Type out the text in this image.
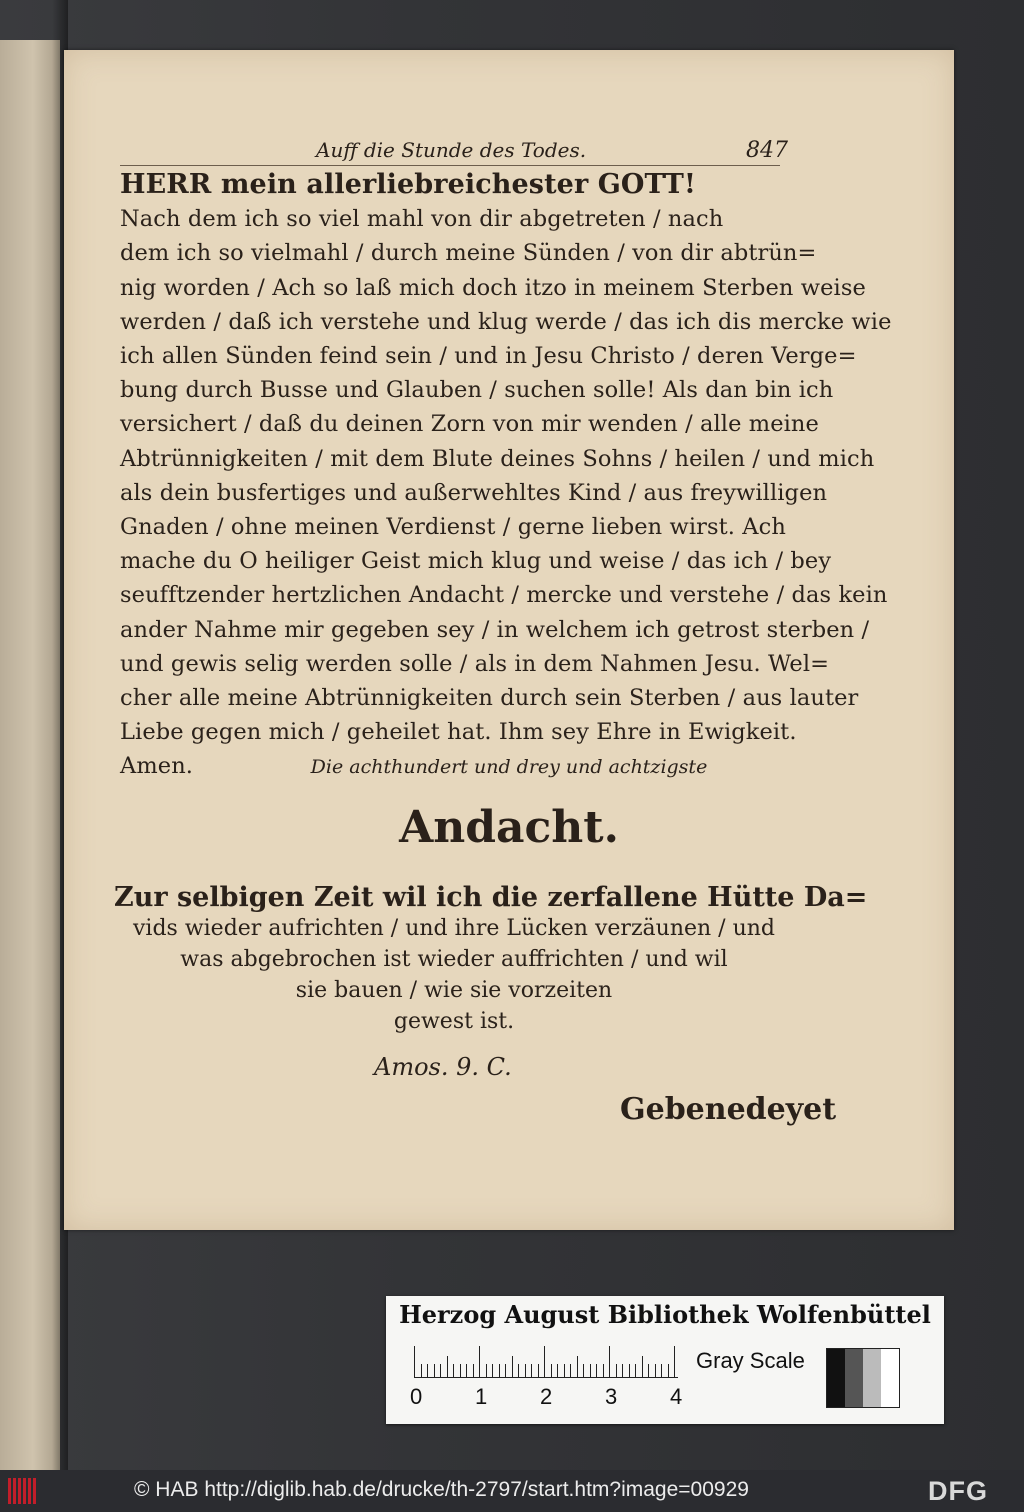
Auff die Stunde des Todes.	847
HERR mein allerliebreichester GOTT!
Nach dem ich so viel mahl von dir abgetreten / nach
dem ich so vielmahl / durch meine Sünden / von dir abtrün=
nig worden / Ach so laß mich doch itzo in meinem Sterben weise
werden / daß ich verstehe und klug werde / das ich dis mercke wie
ich allen Sünden feind sein / und in Jesu Christo / deren Verge=
bung durch Busse und Glauben / suchen solle! Als dan bin ich
versichert / daß du deinen Zorn von mir wenden / alle meine
Abtrünnigkeiten / mit dem Blute deines Sohns / heilen / und mich
als dein busfertiges und außerwehltes Kind / aus freywilligen
Gnaden / ohne meinen Verdienst / gerne lieben wirst. Ach
mache du O heiliger Geist mich klug und weise / das ich / bey
seufftzender hertzlichen Andacht / mercke und verstehe / das kein
ander Nahme mir gegeben sey / in welchem ich getrost sterben /
und gewis selig werden solle / als in dem Nahmen Jesu. Wel=
cher alle meine Abtrünnigkeiten durch sein Sterben / aus lauter
Liebe gegen mich / geheilet hat. Ihm sey Ehre in Ewigkeit.
Amen.	Die achthundert und drey und achtzigste
Andacht.
Zur selbigen Zeit wil ich die zerfallene Hütte Da=
vids wieder aufrichten / und ihre Lücken verzäunen / und
was abgebrochen ist wieder auffrichten / und wil
sie bauen / wie sie vorzeiten
gewest ist.
Amos. 9. C.
Gebenedeyet
Herzog August Bibliothek Wolfenbüttel
0 1 2 3 4
Gray Scale
© HAB http://diglib.hab.de/drucke/th-2797/start.htm?image=00929	DFG
